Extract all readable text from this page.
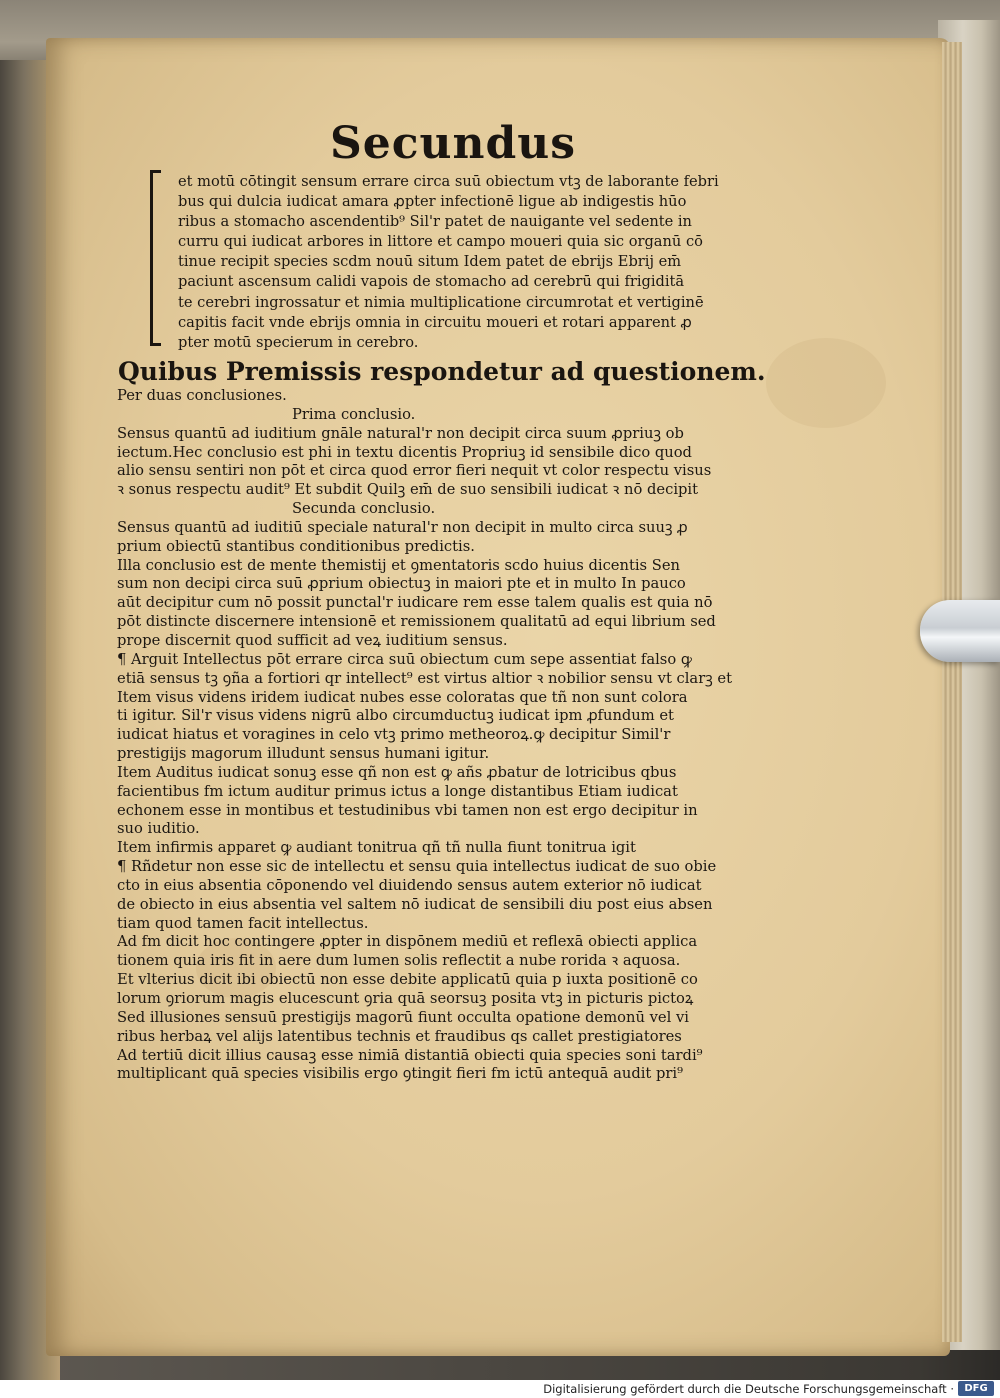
Secundus
et motū cōtingit sensum errare circa suū obiectum vtꝫ de laborante febri
bus qui dulcia iudicat amara ꝓpter infectionē ligue ab indigestis hūo
ribus a stomacho ascendentib⁹ Sil'r patet de nauigante vel sedente in
curru qui iudicat arbores in littore et campo moueri quia sic organū cō
tinue recipit species scdm nouū situm Idem patet de ebrijs Ebrij em̄
paciunt ascensum calidi vapois de stomacho ad cerebrū qui frigiditā
te cerebri ingrossatur et nimia multiplicatione circumrotat et vertiginē
capitis facit vnde ebrijs omnia in circuitu moueri et rotari apparent ꝓ
pter motū specierum in cerebro.
Quibus Premissis respondetur ad questionem.
Per duas conclusiones.
Prima conclusio.
Sensus quantū ad iuditium gnāle natural'r non decipit circa suum ꝓpriuꝫ ob
iectum.Hec conclusio est phi in textu dicentis Propriuꝫ id sensibile dico quod
alio sensu sentiri non pōt et circa quod error fieri nequit vt color respectu visus
ꝛ sonus respectu audit⁹ Et subdit Quilꝫ em̄ de suo sensibili iudicat ꝛ nō decipit
Secunda conclusio.
Sensus quantū ad iuditiū speciale natural'r non decipit in multo circa suuꝫ ꝓ
prium obiectū stantibus conditionibus predictis.
Illa conclusio est de mente themistij et ꝯmentatoris scdo huius dicentis Sen
sum non decipi circa suū ꝓprium obiectuꝫ in maiori pte et in multo In pauco
aūt decipitur cum nō possit punctal'r iudicare rem esse talem qualis est quia nō
pōt distincte discernere intensionē et remissionem qualitatū ad equi librium sed
prope discernit quod sufficit ad veꝝ iuditium sensus.
¶ Arguit Intellectus pōt errare circa suū obiectum cum sepe assentiat falso ꝙ
etiā sensus tꝫ ꝯña a fortiori qr intellect⁹ est virtus altior ꝛ nobilior sensu vt clarꝫ et
Item visus videns iridem iudicat nubes esse coloratas que tñ non sunt colora
ti igitur. Sil'r visus videns nigrū albo circumductuꝫ iudicat ipm ꝓfundum et
iudicat hiatus et voragines in celo vtꝫ primo metheoroꝝ.ꝙ decipitur Simil'r
prestigijs magorum illudunt sensus humani igitur.
Item Auditus iudicat sonuꝫ esse qñ non est ꝙ añs ꝓbatur de lotricibus qbus
facientibus fm ictum auditur primus ictus a longe distantibus Etiam iudicat
echonem esse in montibus et testudinibus vbi tamen non est ergo decipitur in
suo iuditio.
Item infirmis apparet ꝙ audiant tonitrua qñ tñ nulla fiunt tonitrua igit
¶ Rñdetur non esse sic de intellectu et sensu quia intellectus iudicat de suo obie
cto in eius absentia cōponendo vel diuidendo sensus autem exterior nō iudicat
de obiecto in eius absentia vel saltem nō iudicat de sensibili diu post eius absen
tiam quod tamen facit intellectus.
Ad fm dicit hoc contingere ꝓpter in dispōnem mediū et reflexā obiecti applica
tionem quia iris fit in aere dum lumen solis reflectit a nube rorida ꝛ aquosa.
Et vlterius dicit ibi obiectū non esse debite applicatū quia p iuxta positionē co
lorum ꝯriorum magis elucescunt ꝯria quā seorsuꝫ posita vtꝫ in picturis pictoꝝ
Sed illusiones sensuū prestigijs magorū fiunt occulta opatione demonū vel vi
ribus herbaꝝ vel alijs latentibus technis et fraudibus qs callet prestigiatores
Ad tertiū dicit illius causaꝫ esse nimiā distantiā obiecti quia species soni tardi⁹
multiplicant quā species visibilis ergo ꝯtingit fieri fm ictū antequā audit pri⁹
Digitalisierung gefördert durch die Deutsche Forschungsgemeinschaft ·	DFG
